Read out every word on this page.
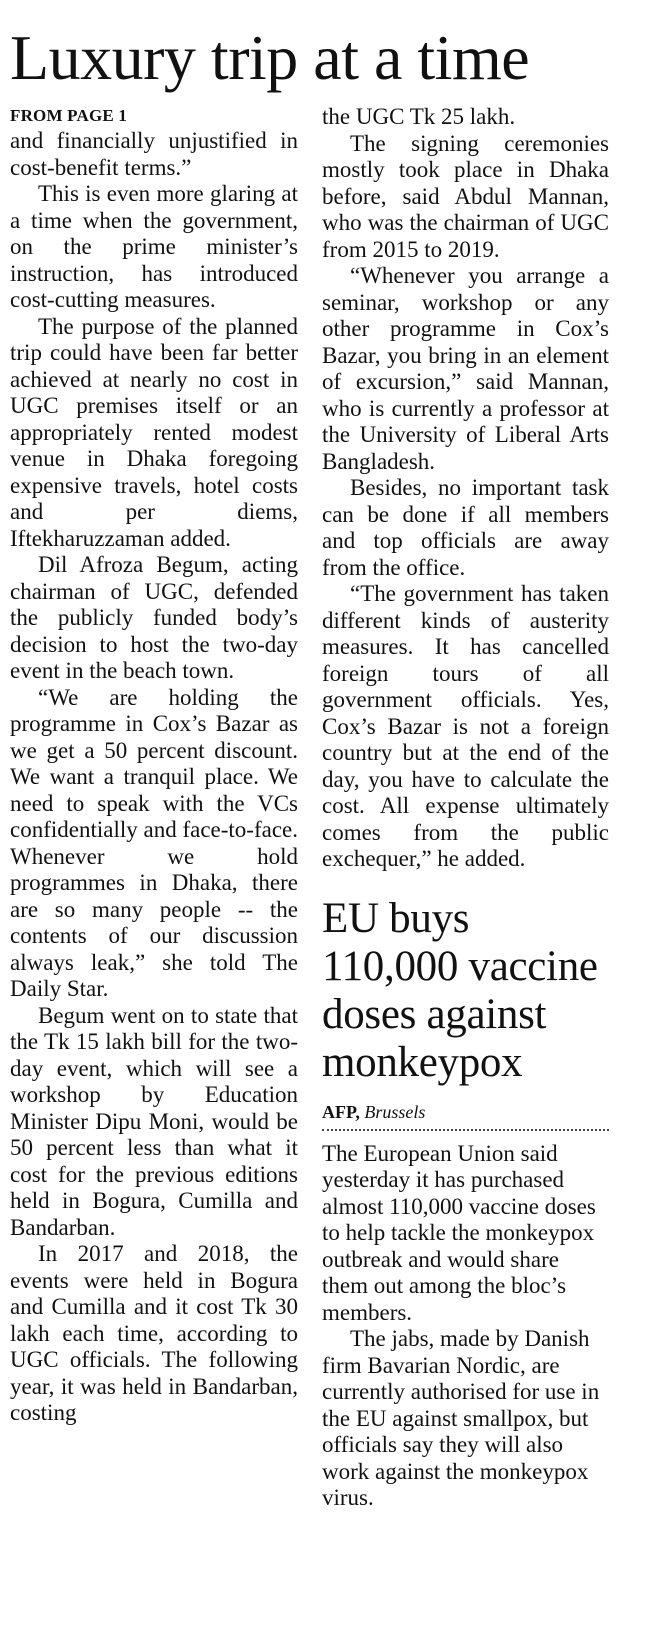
Luxury trip at a time
FROM PAGE 1

and financially unjustified in cost-benefit terms.”

This is even more glaring at a time when the government, on the prime minister’s instruction, has introduced cost-cutting measures.

The purpose of the planned trip could have been far better achieved at nearly no cost in UGC premises itself or an appropriately rented modest venue in Dhaka foregoing expensive travels, hotel costs and per diems, Iftekharuzzaman added.

Dil Afroza Begum, acting chairman of UGC, defended the publicly funded body’s decision to host the two-day event in the beach town.

“We are holding the programme in Cox’s Bazar as we get a 50 percent discount. We want a tranquil place. We need to speak with the VCs confidentially and face-to-face. Whenever we hold programmes in Dhaka, there are so many people -- the contents of our discussion always leak,” she told The Daily Star.

Begum went on to state that the Tk 15 lakh bill for the two-day event, which will see a workshop by Education Minister Dipu Moni, would be 50 percent less than what it cost for the previous editions held in Bogura, Cumilla and Bandarban.

In 2017 and 2018, the events were held in Bogura and Cumilla and it cost Tk 30 lakh each time, according to UGC officials. The following year, it was held in Bandarban, costing

the UGC Tk 25 lakh.

The signing ceremonies mostly took place in Dhaka before, said Abdul Mannan, who was the chairman of UGC from 2015 to 2019.

“Whenever you arrange a seminar, workshop or any other programme in Cox’s Bazar, you bring in an element of excursion,” said Mannan, who is currently a professor at the University of Liberal Arts Bangladesh.

Besides, no important task can be done if all members and top officials are away from the office.

“The government has taken different kinds of austerity measures. It has cancelled foreign tours of all government officials. Yes, Cox’s Bazar is not a foreign country but at the end of the day, you have to calculate the cost. All expense ultimately comes from the public exchequer,” he added.

EU buys 110,000 vaccine doses against monkeypox
AFP, Brussels

The European Union said yesterday it has purchased almost 110,000 vaccine doses to help tackle the monkeypox outbreak and would share them out among the bloc’s members.

The jabs, made by Danish firm Bavarian Nordic, are currently authorised for use in the EU against smallpox, but officials say they will also work against the monkeypox virus.
